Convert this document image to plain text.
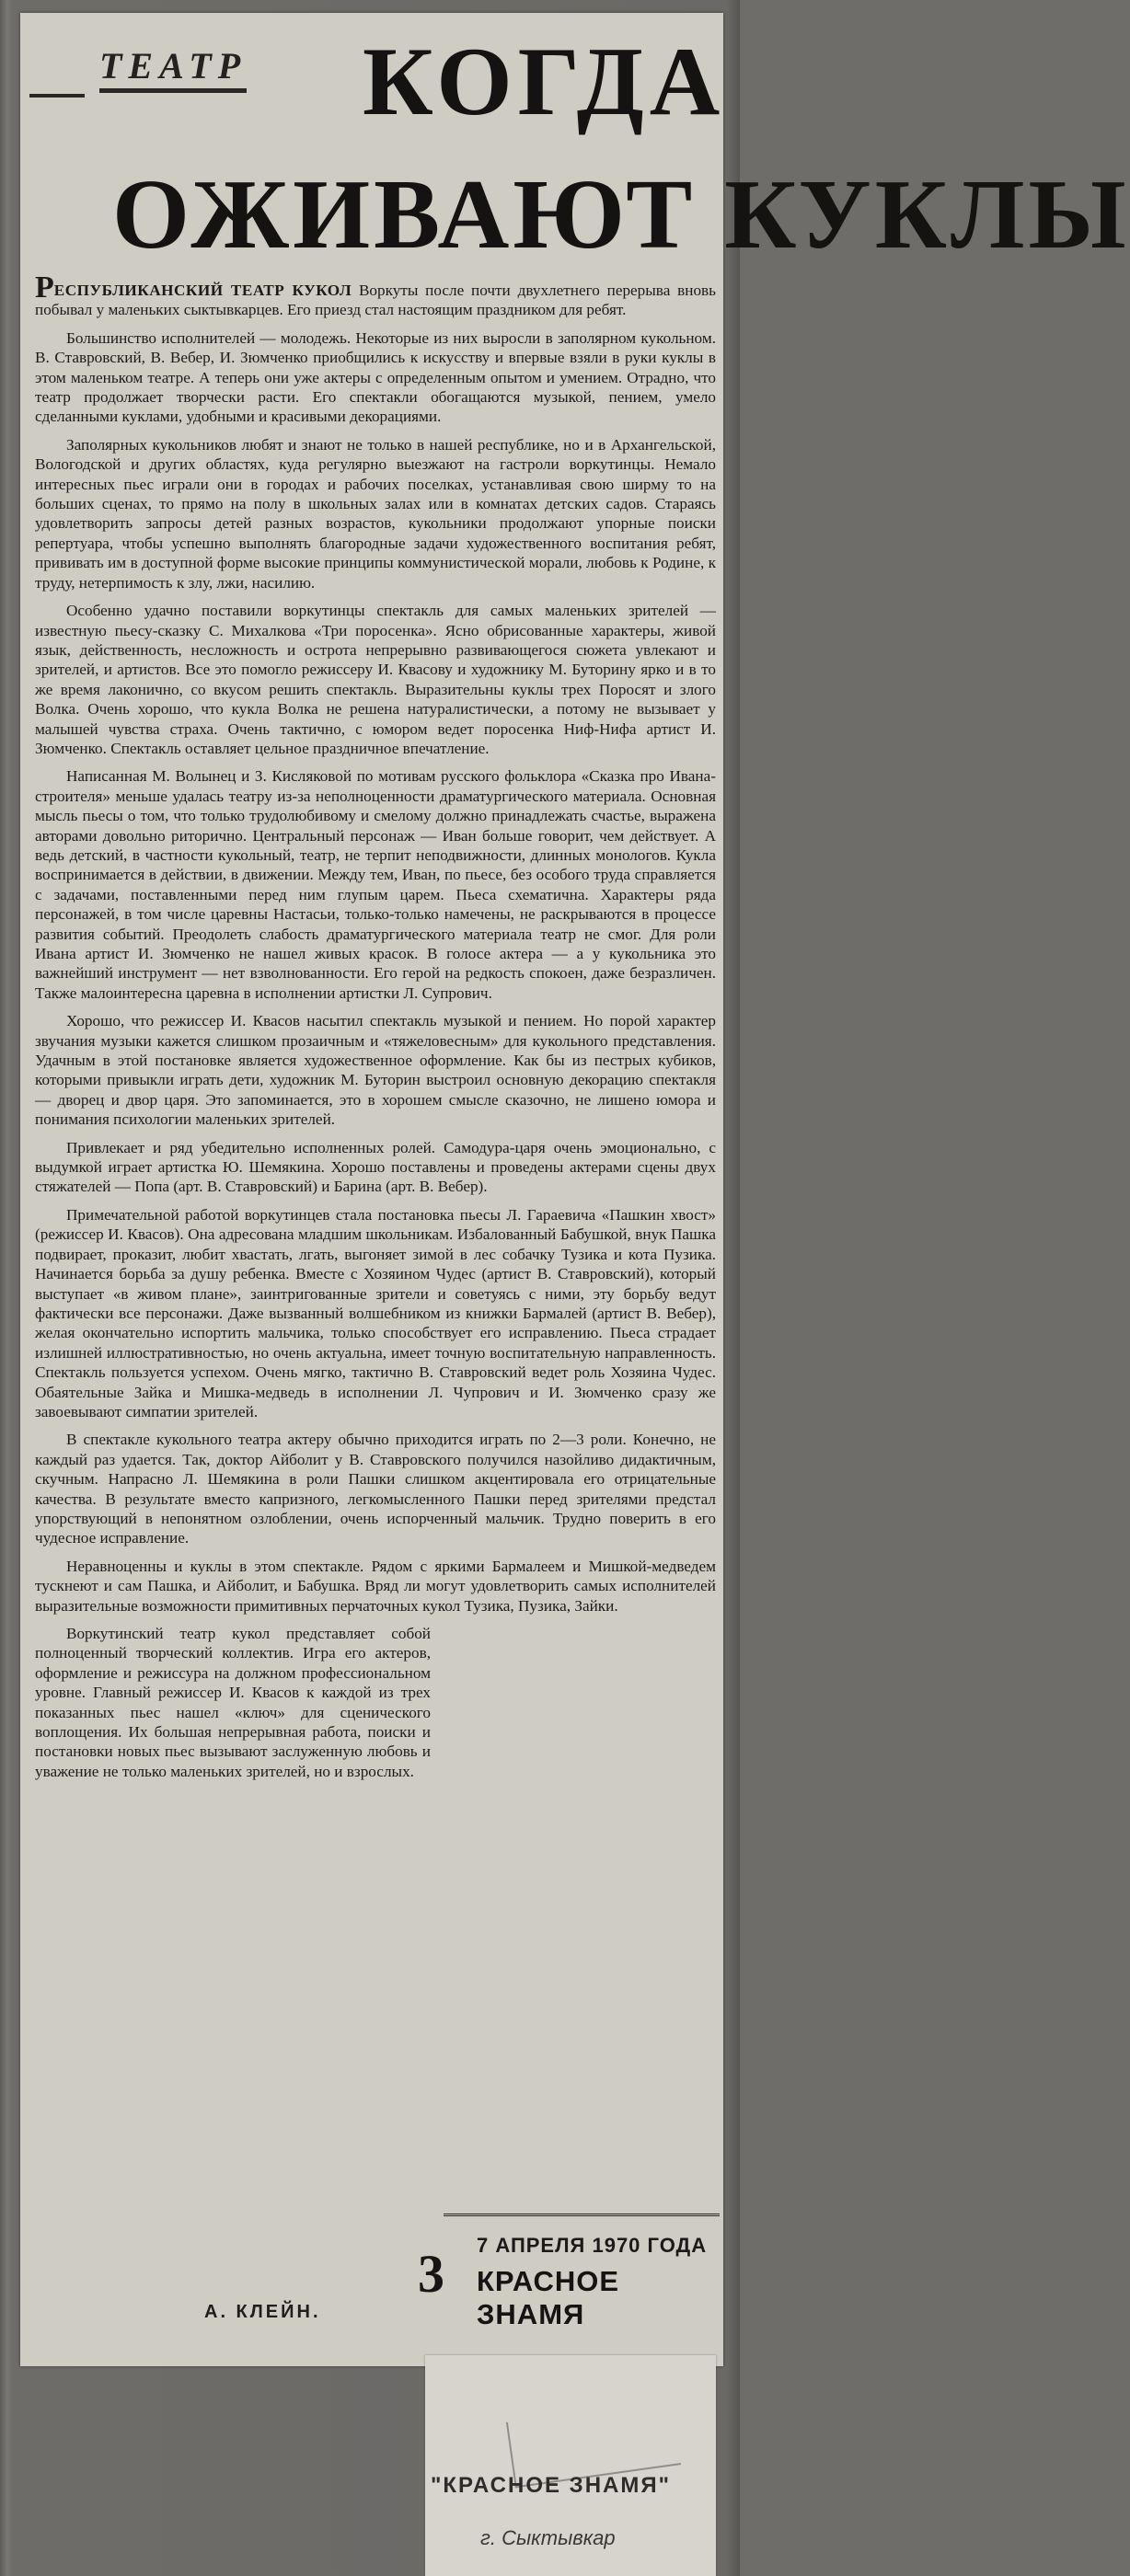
ТЕАТР КОГДА
ОЖИВАЮТ КУКЛЫ

РЕСПУБЛИКАНСКИЙ ТЕАТР КУКОЛ Воркуты после почти двухлетнего перерыва вновь побывал у маленьких сыктывкарцев. Его приезд стал настоящим праздником для ребят.

Большинство исполнителей — молодежь. Некоторые из них выросли в заполярном кукольном. В. Ставровский, В. Вебер, И. Зюмченко приобщились к искусству и впервые взяли в руки куклы в этом маленьком театре. А теперь они уже актеры с определенным опытом и умением. Отрадно, что театр продолжает творчески расти. Его спектакли обогащаются музыкой, пением, умело сделанными куклами, удобными и красивыми декорациями.

Заполярных кукольников любят и знают не только в нашей республике, но и в Архангельской, Вологодской и других областях, куда регулярно выезжают на гастроли воркутинцы. Немало интересных пьес играли они в городах и рабочих поселках, устанавливая свою ширму то на больших сценах, то прямо на полу в школьных залах или в комнатах детских садов. Стараясь удовлетворить запросы детей разных возрастов, кукольники продолжают упорные поиски репертуара, чтобы успешно выполнять благородные задачи художественного воспитания ребят, прививать им в доступной форме высокие принципы коммунистической морали, любовь к Родине, к труду, нетерпимость к злу, лжи, насилию.

Особенно удачно поставили воркутинцы спектакль для самых маленьких зрителей — известную пьесу-сказку С. Михалкова «Три поросенка». Ясно обрисованные характеры, живой язык, действенность, несложность и острота непрерывно развивающегося сюжета увлекают и зрителей, и артистов. Все это помогло режиссеру И. Квасову и художнику М. Буторину ярко и в то же время лаконично, со вкусом решить спектакль. Выразительны куклы трех Поросят и злого Волка. Очень хорошо, что кукла Волка не решена натуралистически, а потому не вызывает у малышей чувства страха. Очень тактично, с юмором ведет поросенка Ниф-Нифа артист И. Зюмченко. Спектакль оставляет цельное праздничное впечатление.

Написанная М. Волынец и З. Кисляковой по мотивам русского фольклора «Сказка про Ивана-строителя» меньше удалась театру из-за неполноценности драматургического материала. Основная мысль пьесы о том, что только трудолюбивому и смелому должно принадлежать счастье, выражена авторами довольно риторично. Центральный персонаж — Иван больше говорит, чем действует. А ведь детский, в частности кукольный, театр, не терпит неподвижности, длинных монологов. Кукла воспринимается в действии, в движении. Между тем, Иван, по пьесе, без особого труда справляется с задачами, поставленными перед ним глупым царем. Пьеса схематична. Характеры ряда персонажей, в том числе царевны Настасьи, только-только намечены, не раскрываются в процессе развития событий. Преодолеть слабость драматургического материала театр не смог. Для роли Ивана артист И. Зюмченко не нашел живых красок. В голосе актера — а у кукольника это важнейший инструмент — нет взволнованности. Его герой на редкость спокоен, даже безразличен. Также малоинтересна царевна в исполнении артистки Л. Супрович.

Хорошо, что режиссер И. Квасов насытил спектакль музыкой и пением. Но порой характер звучания музыки кажется слишком прозаичным и «тяжеловесным» для кукольного представления. Удачным в этой постановке является художественное оформление. Как бы из пестрых кубиков, которыми привыкли играть дети, художник М. Буторин выстроил основную декорацию спектакля — дворец и двор царя. Это запоминается, это в хорошем смысле сказочно, не лишено юмора и понимания психологии маленьких зрителей.

Привлекает и ряд убедительно исполненных ролей. Самодура-царя очень эмоционально, с выдумкой играет артистка Ю. Шемякина. Хорошо поставлены и проведены актерами сцены двух стяжателей — Попа (арт. В. Ставровский) и Барина (арт. В. Вебер).

Примечательной работой воркутинцев стала постановка пьесы Л. Гараевича «Пашкин хвост» (режиссер И. Квасов). Она адресована младшим школьникам. Избалованный Бабушкой, внук Пашка подвирает, проказит, любит хвастать, лгать, выгоняет зимой в лес собачку Тузика и кота Пузика. Начинается борьба за душу ребенка. Вместе с Хозяином Чудес (артист В. Ставровский), который выступает «в живом плане», заинтригованные зрители и советуясь с ними, эту борьбу ведут фактически все персонажи. Даже вызванный волшебником из книжки Бармалей (артист В. Вебер), желая окончательно испортить мальчика, только способствует его исправлению. Пьеса страдает излишней иллюстративностью, но очень актуальна, имеет точную воспитательную направленность. Спектакль пользуется успехом. Очень мягко, тактично В. Ставровский ведет роль Хозяина Чудес. Обаятельные Зайка и Мишка-медведь в исполнении Л. Чупрович и И. Зюмченко сразу же завоевывают симпатии зрителей.

В спектакле кукольного театра актеру обычно приходится играть по 2—3 роли. Конечно, не каждый раз удается. Так, доктор Айболит у В. Ставровского получился назойливо дидактичным, скучным. Напрасно Л. Шемякина в роли Пашки слишком акцентировала его отрицательные качества. В результате вместо капризного, легкомысленного Пашки перед зрителями предстал упорствующий в непонятном озлоблении, очень испорченный мальчик. Трудно поверить в его чудесное исправление.

Неравноценны и куклы в этом спектакле. Рядом с яркими Бармалеем и Мишкой-медведем тускнеют и сам Пашка, и Айболит, и Бабушка. Вряд ли могут удовлетворить самых исполнителей выразительные возможности примитивных перчаточных кукол Тузика, Пузика, Зайки.

Воркутинский театр кукол представляет собой полноценный творческий коллектив. Игра его актеров, оформление и режиссура на должном профессиональном уровне. Главный режиссер И. Квасов к каждой из трех показанных пьес нашел «ключ» для сценического воплощения. Их большая непрерывная работа, поиски и постановки новых пьес вызывают заслуженную любовь и уважение не только маленьких зрителей, но и взрослых.

А. КЛЕЙН.
3 7 АПРЕЛЯ 1970 ГОДА
КРАСНОЕ ЗНАМЯ
"КРАСНОЕ ЗНАМЯ"
г. Сыктывкар
